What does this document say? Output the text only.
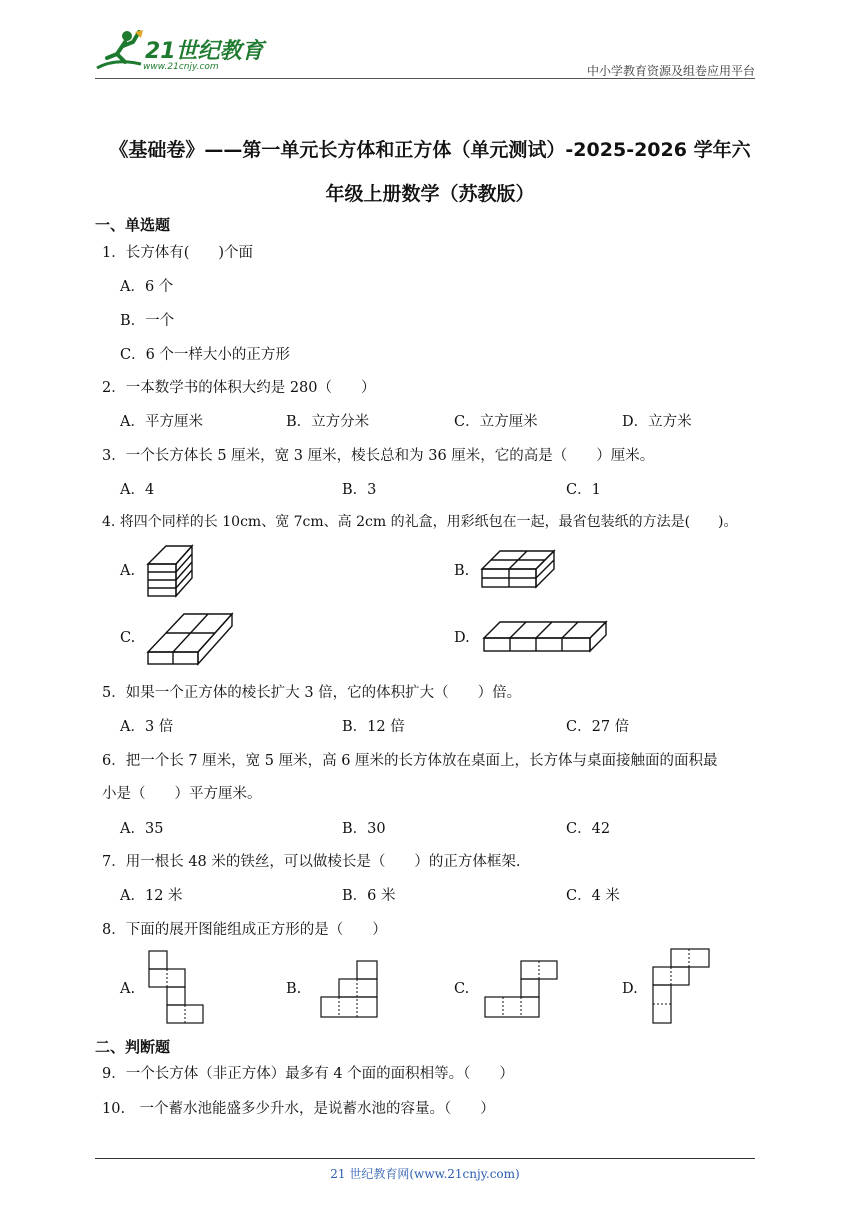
21世纪教育
www.21cnjy.com	中小学教育资源及组卷应用平台
《基础卷》——第一单元长方体和正方体（单元测试）-2025-2026 学年六
年级上册数学（苏教版）
一、单选题
1．长方体有(　　)个面
A．6 个
B．一个
C．6 个一样大小的正方形
2．一本数学书的体积大约是 280（　　）
A．平方厘米	B．立方分米	C．立方厘米	D．立方米
3．一个长方体长 5 厘米，宽 3 厘米，棱长总和为 36 厘米，它的高是（　　）厘米。
A．4	B．3	C．1
4. 将四个同样的长 10cm、宽 7cm、高 2cm 的礼盒，用彩纸包在一起，最省包装纸的方法是(　　)。
A.	B.
C.	D.
5．如果一个正方体的棱长扩大 3 倍，它的体积扩大（　　）倍。
A．3 倍	B．12 倍	C．27 倍
6．把一个长 7 厘米，宽 5 厘米，高 6 厘米的长方体放在桌面上，长方体与桌面接触面的面积最
小是（　　）平方厘米。
A．35	B．30	C．42
7．用一根长 48 米的铁丝，可以做棱长是（　　）的正方体框架.
A．12 米	B．6 米	C．4 米
8．下面的展开图能组成正方形的是（　　）
A.	B.	C.	D.
二、判断题
9．一个长方体（非正方体）最多有 4 个面的面积相等。（　　）
10.　一个蓄水池能盛多少升水，是说蓄水池的容量。（　　）
21 世纪教育网(www.21cnjy.com)
